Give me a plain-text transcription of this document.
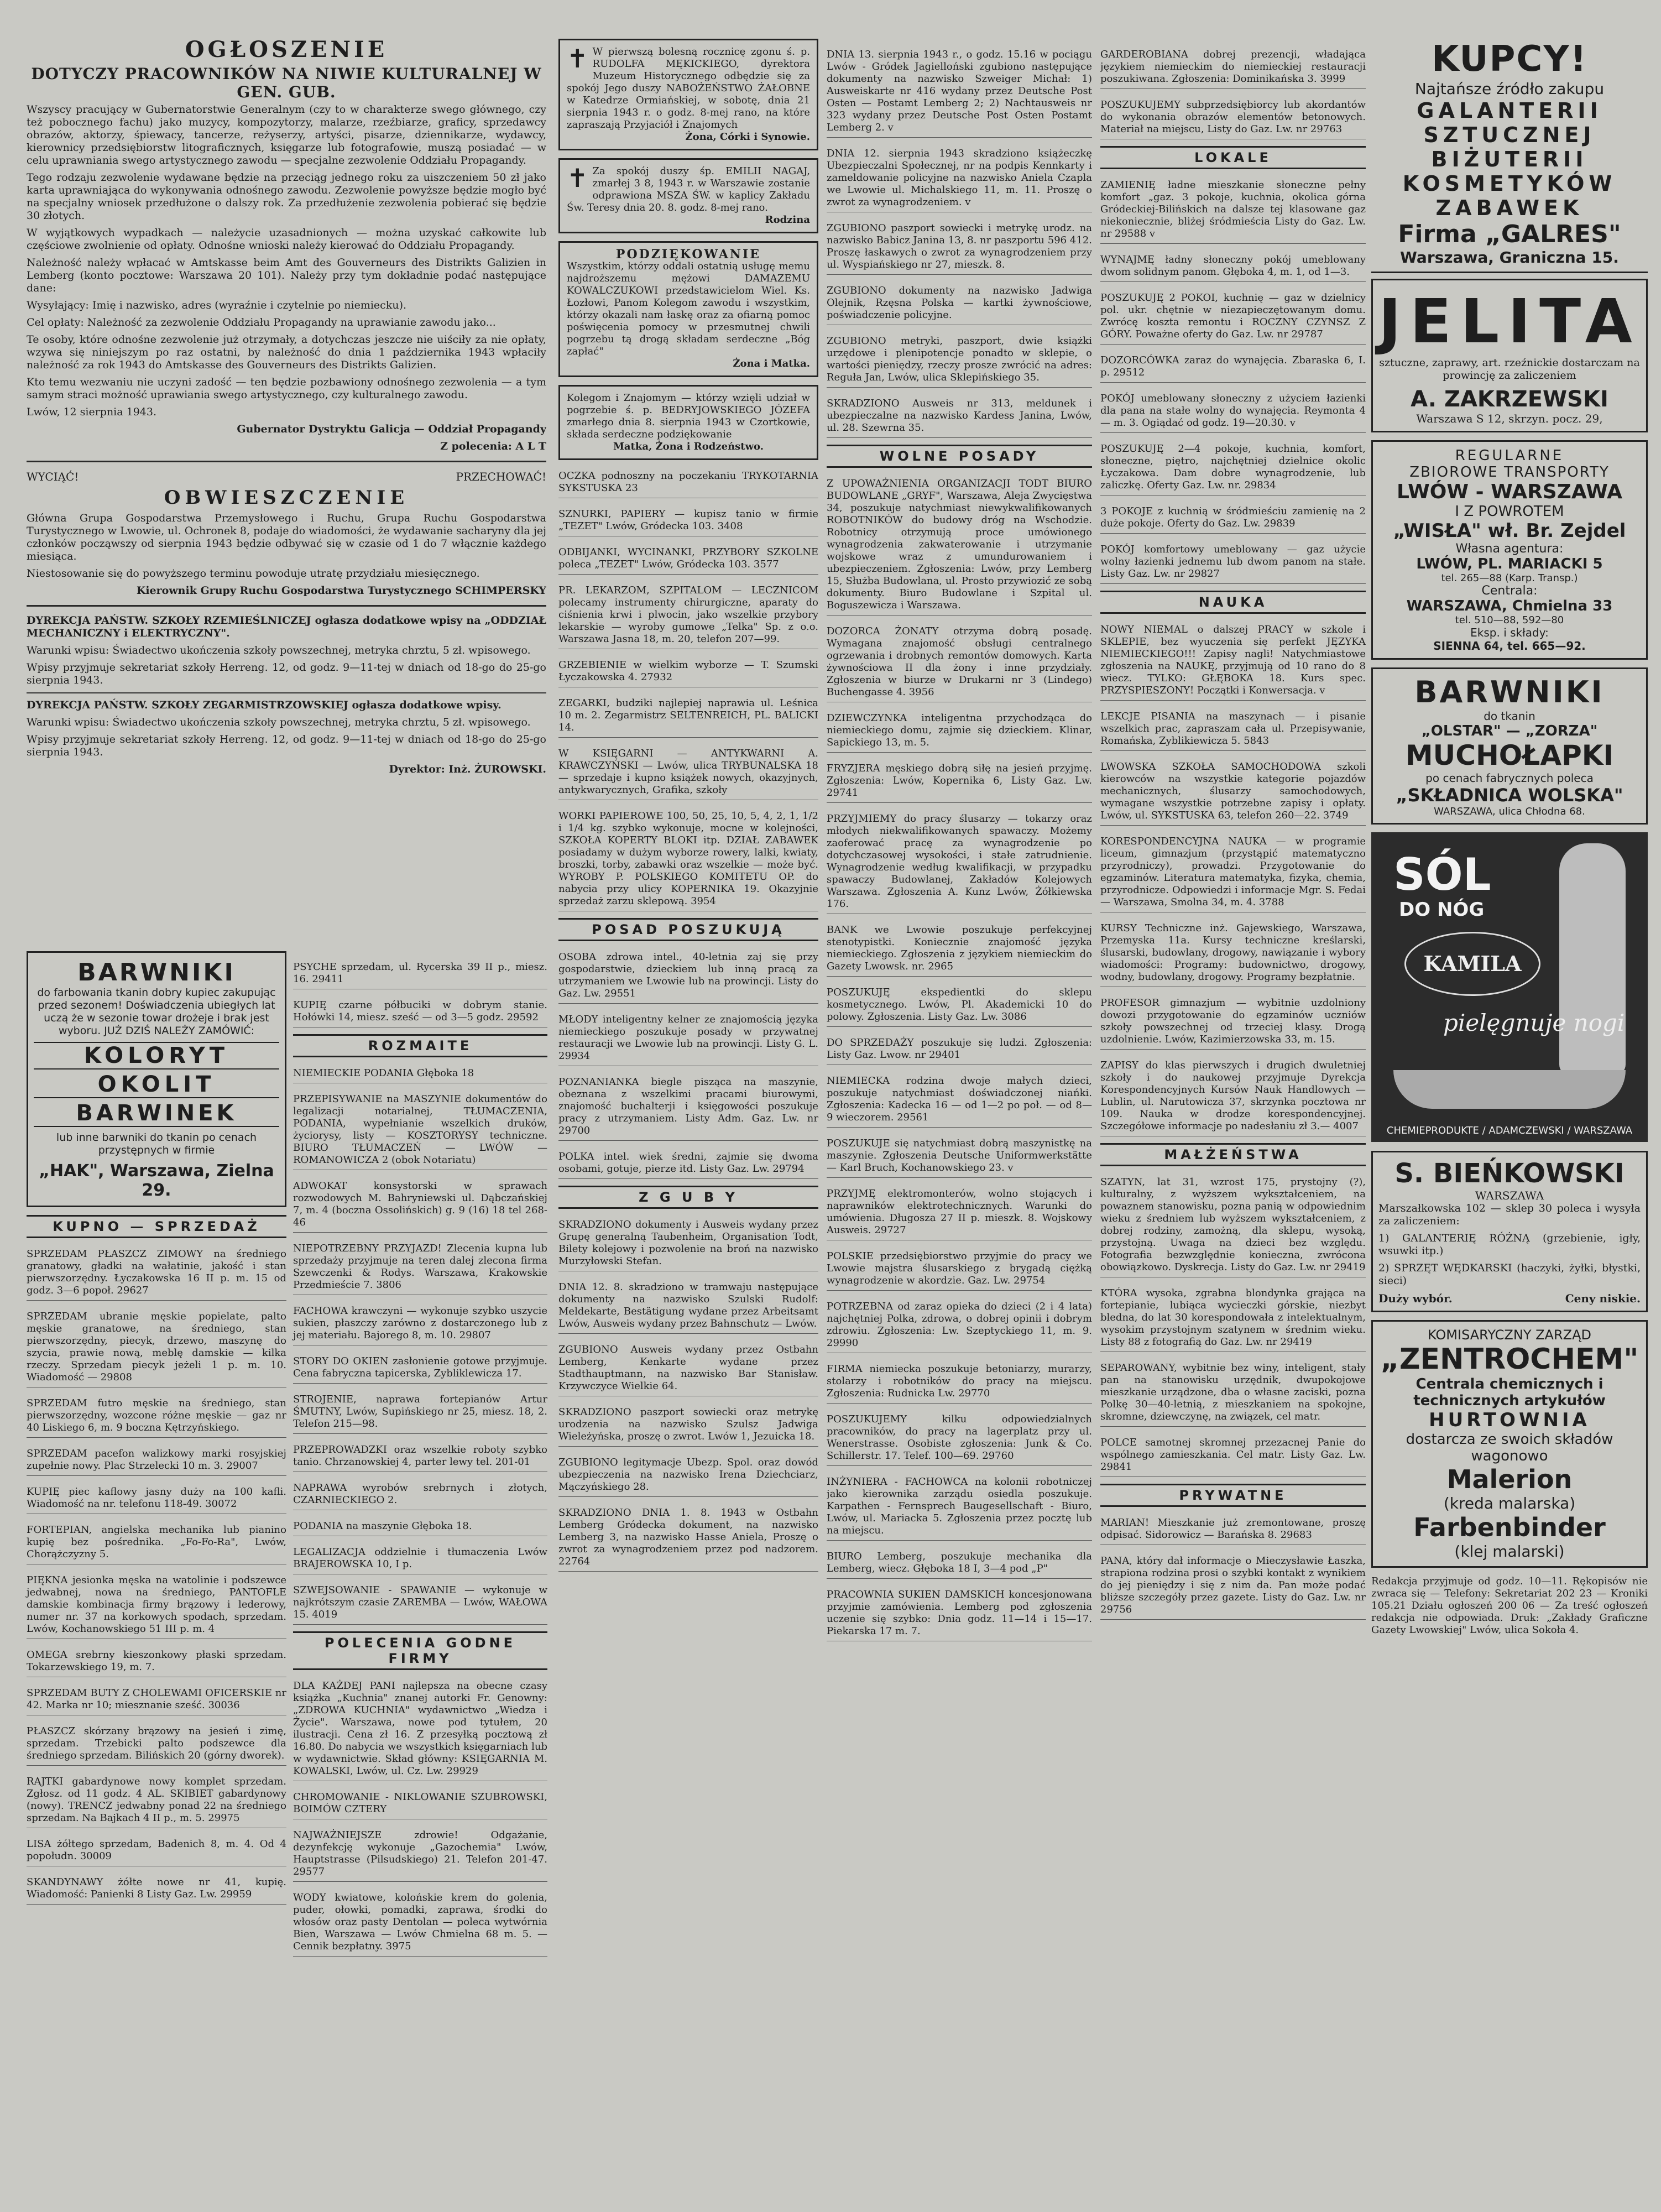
OGŁOSZENIE
DOTYCZY PRACOWNIKÓW NA NIWIE KULTURALNEJ W GEN. GUB.

Wszyscy pracujący w Gubernatorstwie Generalnym (czy to w charakterze swego głównego, czy też pobocznego fachu) jako muzycy, kompozytorzy, malarze, rzeźbiarze, graficy, sprzedawcy obrazów, aktorzy, śpiewacy, tancerze, reżyserzy, artyści, pisarze, dziennikarze, wydawcy, kierownicy przedsiębiorstw litograficznych, księgarze lub fotografowie, muszą posiadać — w celu uprawniania swego artystycznego zawodu — specjalne zezwolenie Oddziału Propagandy.

Tego rodzaju zezwolenie wydawane będzie na przeciąg jednego roku za uiszczeniem 50 zł jako karta uprawniająca do wykonywania odnośnego zawodu. Zezwolenie powyższe będzie mogło być na specjalny wniosek przedłużone o dalszy rok. Za przedłużenie zezwolenia pobierać się będzie 30 złotych.

W wyjątkowych wypadkach — należycie uzasadnionych — można uzyskać całkowite lub częściowe zwolnienie od opłaty. Odnośne wnioski należy kierować do Oddziału Propagandy.

Należność należy wpłacać w Amtskasse beim Amt des Gouverneurs des Distrikts Galizien in Lemberg (konto pocztowe: Warszawa 20 101). Należy przy tym dokładnie podać następujące dane:

Wysyłający: Imię i nazwisko, adres (wyraźnie i czytelnie po niemiecku).

Cel opłaty: Należność za zezwolenie Oddziału Propagandy na uprawianie zawodu jako...

Te osoby, które odnośne zezwolenie już otrzymały, a dotychczas jeszcze nie uiściły za nie opłaty, wzywa się niniejszym po raz ostatni, by należność do dnia 1 października 1943 wpłaciły należność za rok 1943 do Amtskasse des Gouverneurs des Distrikts Galizien.

Kto temu wezwaniu nie uczyni zadość — ten będzie pozbawiony odnośnego zezwolenia — a tym samym straci możność uprawiania swego artystycznego, czy kulturalnego zawodu.

Lwów, 12 sierpnia 1943.

Gubernator Dystryktu Galicja — Oddział Propagandy

Z polecenia: A L T

WYCIĄĆ!	PRZECHOWAĆ!
OBWIESZCZENIE

Główna Grupa Gospodarstwa Przemysłowego i Ruchu, Grupa Ruchu Gospodarstwa Turystycznego w Lwowie, ul. Ochronek 8, podaje do wiadomości, że wydawanie sacharyny dla jej członków począwszy od sierpnia 1943 będzie odbywać się w czasie od 1 do 7 włącznie każdego miesiąca.

Niestosowanie się do powyższego terminu powoduje utratę przydziału miesięcznego.

Kierownik Grupy Ruchu Gospodarstwa Turystycznego SCHIMPERSKY

DYREKCJA PAŃSTW. SZKOŁY RZEMIEŚLNICZEJ ogłasza dodatkowe wpisy na „ODDZIAŁ MECHANICZNY i ELEKTRYCZNY".

Warunki wpisu: Świadectwo ukończenia szkoły powszechnej, metryka chrztu, 5 zł. wpisowego.

Wpisy przyjmuje sekretariat szkoły Herreng. 12, od godz. 9—11-tej w dniach od 18-go do 25-go sierpnia 1943.

DYREKCJA PAŃSTW. SZKOŁY ZEGARMISTRZOWSKIEJ ogłasza dodatkowe wpisy.

Warunki wpisu: Świadectwo ukończenia szkoły powszechnej, metryka chrztu, 5 zł. wpisowego.

Wpisy przyjmuje sekretariat szkoły Herreng. 12, od godz. 9—11-tej w dniach od 18-go do 25-go sierpnia 1943.

Dyrektor: Inż. ŻUROWSKI.

BARWNIKI

do farbowania tkanin dobry kupiec zakupując przed sezonem! Doświadczenia ubiegłych lat uczą że w sezonie towar drożeje i brak jest wyboru. JUŻ DZIŚ NALEŻY ZAMÓWIĆ:

KOLORYT
OKOLIT
BARWINEK

lub inne barwniki do tkanin po cenach przystępnych w firmie

„HAK", Warszawa, Zielna 29.
KUPNO — SPRZEDAŻ

SPRZEDAM PŁASZCZ ZIMOWY na średniego granatowy, gładki na wałatinie, jakość i stan pierwszorzędny. Łyczakowska 16 II p. m. 15 od godz. 3—6 popoł. 29627

SPRZEDAM ubranie męskie popielate, palto męskie granatowe, na średniego, stan pierwszorzędny, piecyk, drzewo, maszynę do szycia, prawie nową, meblę damskie — kilka rzeczy. Sprzedam piecyk jeżeli 1 p. m. 10. Wiadomość — 29808

SPRZEDAM futro męskie na średniego, stan pierwszorzędny, wozcone różne męskie — gaz nr 40 Liskiego 6, m. 9 boczna Kętrzyńskiego.

SPRZEDAM pacefon walizkowy marki rosyjskiej zupełnie nowy. Plac Strzelecki 10 m. 3. 29007

KUPIĘ piec kaflowy jasny duży na 100 kafli. Wiadomość na nr. telefonu 118-49. 30072

FORTEPIAN, angielska mechanika lub pianino kupię bez pośrednika. „Fo-Fo-Ra", Lwów, Chorążczyzny 5.

PIĘKNA jesionka męska na watolinie i podszewce jedwabnej, nowa na średniego, PANTOFLE damskie kombinacja firmy brązowy i lederowy, numer nr. 37 na korkowych spodach, sprzedam. Lwów, Kochanowskiego 51 III p. m. 4

OMEGA srebrny kieszonkowy płaski sprzedam. Tokarzewskiego 19, m. 7.

SPRZEDAM BUTY Z CHOLEWAMI OFICERSKIE nr 42. Marka nr 10; miesznanie sześć. 30036

PŁASZCZ skórzany brązowy na jesień i zimę, sprzedam. Trzebicki palto podszewce dla średniego sprzedam. Bilińskich 20 (górny dworek).

RAJTKI gabardynowe nowy komplet sprzedam. Zgłosz. od 11 godz. 4 AL. SKIBIET gabardynowy (nowy). TRENCZ jedwabny ponad 22 na średniego sprzedam. Na Bajkach 4 II p., m. 5. 29975

LISA żółtego sprzedam, Badenich 8, m. 4. Od 4 popołudn. 30009

SKANDYNAWY żółte nowe nr 41, kupię. Wiadomość: Panienki 8 Listy Gaz. Lw. 29959

PSYCHE sprzedam, ul. Rycerska 39 II p., miesz. 16. 29411

KUPIĘ czarne półbuciki w dobrym stanie. Hołówki 14, miesz. sześć — od 3—5 godz. 29592

ROZMAITE

NIEMIECKIE PODANIA Głęboka 18

PRZEPISYWANIE na MASZYNIE dokumentów do legalizacji notarialnej, TŁUMACZENIA, PODANIA, wypełnianie wszelkich druków, życiorysy, listy — KOSZTORYSY techniczne. BIURO TŁUMACZEŃ — LWÓW — ROMANOWICZA 2 (obok Notariatu)

ADWOKAT konsystorski w sprawach rozwodowych M. Bahryniewski ul. Dąbczańskiej 7, m. 4 (boczna Ossolińskich) g. 9 (16) 18 tel 268-46

NIEPOTRZEBNY PRZYJAZD! Zlecenia kupna lub sprzedaży przyjmuje na teren dalej zlecona firma Szewczenki & Rodys. Warszawa, Krakowskie Przedmieście 7. 3806

FACHOWA krawczyni — wykonuje szybko uszycie sukien, płaszczy zarówno z dostarczonego lub z jej materiału. Bajorego 8, m. 10. 29807

STORY DO OKIEN zasłonienie gotowe przyjmuje. Cena fabryczna tapicerska, Zybliklewicza 17.

STROJENIE, naprawa fortepianów Artur ŚMUTNY, Lwów, Supińskiego nr 25, miesz. 18, 2. Telefon 215—98.

PRZEPROWADZKI oraz wszelkie roboty szybko tanio. Chrzanowskiej 4, parter lewy tel. 201-01

NAPRAWA wyrobów srebrnych i złotych, CZARNIECKIEGO 2.

PODANIA na maszynie Głęboka 18.

LEGALIZACJA oddzielnie i tłumaczenia Lwów BRAJEROWSKA 10, I p.

SZWEJSOWANIE - SPAWANIE — wykonuje w najkrótszym czasie ZAREMBA — Lwów, WAŁOWA 15. 4019

POLECENIA GODNE FIRMY

DLA KAŻDEJ PANI najlepsza na obecne czasy książka „Kuchnia" znanej autorki Fr. Genowny: „ZDROWA KUCHNIA" wydawnictwo „Wiedza i Życie". Warszawa, nowe pod tytułem, 20 ilustracji. Cena zł 16. Z przesyłką pocztową zł 16.80. Do nabycia we wszystkich księgarniach lub w wydawnictwie. Skład główny: KSIĘGARNIA M. KOWALSKI, Lwów, ul. Cz. Lw. 29929

CHROMOWANIE - NIKLOWANIE SZUBROWSKI, BOIMÓW CZTERY

NAJWAŻNIEJSZE zdrowie! Odgażanie, dezynfekcję wykonuje „Gazochemia" Lwów, Hauptstrasse (Pilsudskiego) 21. Telefon 201-47. 29577

WODY kwiatowe, kolońskie krem do golenia, puder, ołowki, pomadki, zaprawa, środki do włosów oraz pasty Dentolan — poleca wytwórnia Bien, Warszawa — Lwów Chmielna 68 m. 5. — Cennik bezpłatny. 3975

✝ W pierwszą bolesną rocznicę zgonu ś. p. RUDOLFA MĘKICKIEGO, dyrektora Muzeum Historycznego odbędzie się za spokój Jego duszy NABOŻEŃSTWO ŻAŁOBNE w Katedrze Ormiańskiej, w sobotę, dnia 21 sierpnia 1943 r. o godz. 8-mej rano, na które zapraszają Przyjaciół i Znajomych
Żona, Córki i Synowie.
✝ Za spokój duszy śp. EMILII NAGAJ, zmarłej 3 8, 1943 r. w Warszawie zostanie odprawiona MSZA ŚW. w kaplicy Zakładu Św. Teresy dnia 20. 8. godz. 8-mej rano.
Rodzina
PODZIĘKOWANIE
Wszystkim, którzy oddali ostatnią usługę memu najdroższemu mężowi DAMAZEMU KOWALCZUKOWI przedstawicielom Wiel. Ks. Łozłowi, Panom Kolegom zawodu i wszystkim, którzy okazali nam łaskę oraz za ofiarną pomoc poświęcenia pomocy w przesmutnej chwili pogrzebu tą drogą składam serdeczne „Bóg zapłać"
Żona i Matka.
Kolegom i Znajomym — którzy wzięli udział w pogrzebie ś. p. BEDRYJOWSKIEGO JÓZEFA zmarłego dnia 8. sierpnia 1943 w Czortkowie, składa serdeczne podziękowanie
Matka, Żona i Rodzeństwo.

OCZKA podnoszny na poczekaniu TRYKOTARNIA SYKSTUSKA 23

SZNURKI, PAPIERY — kupisz tanio w firmie „TEZET" Lwów, Gródecka 103. 3408

ODBIJANKI, WYCINANKI, PRZYBORY SZKOLNE poleca „TEZET" Lwów, Gródecka 103. 3577

PR. LEKARZOM, SZPITALOM — LECZNICOM polecamy instrumenty chirurgiczne, aparaty do ciśnienia krwi i plwocin, jako wszelkie przybory lekarskie — wyroby gumowe „Telka" Sp. z o.o. Warszawa Jasna 18, m. 20, telefon 207—99.

GRZEBIENIE w wielkim wyborze — T. Szumski Łyczakowska 4. 27932

ZEGARKI, budziki najlepiej naprawia ul. Leśnica 10 m. 2. Zegarmistrz SELTENREICH, PL. BALICKI 14.

W KSIĘGARNI — ANTYKWARNI A. KRAWCZYŃSKI — Lwów, ulica TRYBUNALSKA 18 — sprzedaje i kupno książek nowych, okazyjnych, antykwarycznych, Grafika, szkoły

WORKI PAPIEROWE 100, 50, 25, 10, 5, 4, 2, 1, 1/2 i 1/4 kg. szybko wykonuje, mocne w kolejności, SZKOŁA KOPERTY BLOKI itp. DZIAŁ ZABAWEK posiadamy w dużym wyborze rowery, lalki, kwiaty, broszki, torby, zabawki oraz wszelkie — może być. WYROBY P. POLSKIEGO KOMITETU OP. do nabycia przy ulicy KOPERNIKA 19. Okazyjnie sprzedaż zarzu sklepową. 3954

POSAD POSZUKUJĄ

OSOBA zdrowa intel., 40-letnia zaj się przy gospodarstwie, dzieckiem lub inną pracą za utrzymaniem we Lwowie lub na prowincji. Listy do Gaz. Lw. 29551

MŁODY inteligentny kelner ze znajomością języka niemieckiego poszukuje posady w przywatnej restauracji we Lwowie lub na prowincji. Listy G. L. 29934

POZNANIANKA biegle pisząca na maszynie, obeznana z wszelkimi pracami biurowymi, znajomość buchalterji i księgowości poszukuje pracy z utrzymaniem. Listy Adm. Gaz. Lw. nr 29700

POLKA intel. wiek średni, zajmie się dwoma osobami, gotuje, pierze itd. Listy Gaz. Lw. 29794

Z G U B Y

SKRADZIONO dokumenty i Ausweis wydany przez Grupę generalną Taubenheim, Organisation Todt, Bilety kolejowy i pozwolenie na broń na nazwisko Murzyłowski Stefan.

DNIA 12. 8. skradziono w tramwaju następujące dokumenty na nazwisko Szulski Rudolf: Meldekarte, Bestätigung wydane przez Arbeitsamt Lwów, Ausweis wydany przez Bahnschutz — Lwów.

ZGUBIONO Ausweis wydany przez Ostbahn Lemberg, Kenkarte wydane przez Stadthauptmann, na nazwisko Bar Stanisław. Krzywczyce Wielkie 64.

SKRADZIONO paszport sowiecki oraz metrykę urodzenia na nazwisko Szulsz Jadwiga Wieleżyńska, proszę o zwrot. Lwów 1, Jezuicka 18.

ZGUBIONO legitymacje Ubezp. Spol. oraz dowód ubezpieczenia na nazwisko Irena Dziechciarz, Mączyńskiego 28.

SKRADZIONO DNIA 1. 8. 1943 w Ostbahn Lemberg Gródecka dokument, na nazwisko Lemberg 3, na nazwisko Hasse Aniela, Proszę o zwrot za wynagrodzeniem przez pod nadzorem. 22764

DNIA 13. sierpnia 1943 r., o godz. 15.16 w pociągu Lwów - Gródek Jagielloński zgubiono następujące dokumenty na nazwisko Szweiger Michał: 1) Ausweiskarte nr 416 wydany przez Deutsche Post Osten — Postamt Lemberg 2; 2) Nachtausweis nr 323 wydany przez Deutsche Post Osten Postamt Lemberg 2. v

DNIA 12. sierpnia 1943 skradziono książeczkę Ubezpieczalni Społecznej, nr na podpis Kennkarty i zameldowanie policyjne na nazwisko Aniela Czapla we Lwowie ul. Michalskiego 11, m. 11. Proszę o zwrot za wynagrodzeniem. v

ZGUBIONO paszport sowiecki i metrykę urodz. na nazwisko Babicz Janina 13, 8. nr paszportu 596 412. Proszę łaskawych o zwrot za wynagrodzeniem przy ul. Wyspiańskiego nr 27, mieszk. 8.

ZGUBIONO dokumenty na nazwisko Jadwiga Olejnik, Rzęsna Polska — kartki żywnościowe, poświadczenie policyjne.

ZGUBIONO metryki, paszport, dwie książki urzędowe i plenipotencje ponadto w sklepie, o wartości pieniędzy, rzeczy prosze zwrócić na adres: Reguła Jan, Lwów, ulica Sklepińskiego 35.

SKRADZIONO Ausweis nr 313, meldunek i ubezpieczalne na nazwisko Kardess Janina, Lwów, ul. 28. Szewrna 35.

WOLNE POSADY

Z UPOWAŻNIENIA ORGANIZACJI TODT BIURO BUDOWLANE „GRYF", Warszawa, Aleja Zwycięstwa 34, poszukuje natychmiast niewykwalifikowanych ROBOTNIKÓW do budowy dróg na Wschodzie. Robotnicy otrzymują proce umówionego wynagrodzenia zakwaterowanie i utrzymanie wojskowe wraz z umundurowaniem i ubezpieczeniem. Zgłoszenia: Lwów, przy Lemberg 15, Służba Budowlana, ul. Prosto przywiozić ze sobą dokumenty. Biuro Budowlane i Szpital ul. Boguszewicza i Warszawa.

DOZORCA ŻONATY otrzyma dobrą posadę. Wymagana znajomość obsługi centralnego ogrzewania i drobnych remontów domowych. Karta żywnościowa II dla żony i inne przydziały. Zgłoszenia w biurze w Drukarni nr 3 (Lindego) Buchengasse 4. 3956

DZIEWCZYNKA inteligentna przychodząca do niemieckiego domu, zajmie się dzieckiem. Klinar, Sapickiego 13, m. 5.

FRYZJERA męskiego dobrą siłę na jesień przyjmę. Zgłoszenia: Lwów, Kopernika 6, Listy Gaz. Lw. 29741

PRZYJMIEMY do pracy ślusarzy — tokarzy oraz młodych niekwalifikowanych spawaczy. Możemy zaoferować pracę za wynagrodzenie po dotychczasowej wysokości, i stałe zatrudnienie. Wynagrodzenie według kwalifikacji, w przypadku spawaczy Budowlanej, Zakładów Kolejowych Warszawa. Zgłoszenia A. Kunz Lwów, Żółkiewska 176.

BANK we Lwowie poszukuje perfekcyjnej stenotypistki. Koniecznie znajomość języka niemieckiego. Zgłoszenia z językiem niemieckim do Gazety Lwowsk. nr. 2965

POSZUKUJĘ ekspedientki do sklepu kosmetycznego. Lwów, Pl. Akademicki 10 do polowy. Zgłoszenia. Listy Gaz. Lw. 3086

DO SPRZEDAŻY poszukuje się ludzi. Zgłoszenia: Listy Gaz. Lwow. nr 29401

NIEMIECKA rodzina dwoje małych dzieci, poszukuje natychmiast doświadczonej niańki. Zgłoszenia: Kadecka 16 — od 1—2 po poł. — od 8—9 wieczorem. 29561

POSZUKUJE się natychmiast dobrą maszynistkę na maszynie. Zgłoszenia Deutsche Uniformwerkstätte — Karl Bruch, Kochanowskiego 23. v

PRZYJMĘ elektromonterów, wolno stojących i naprawników elektrotechnicznych. Warunki do umówienia. Długosza 27 II p. mieszk. 8. Wojskowy Ausweis. 29727

POLSKIE przedsiębiorstwo przyjmie do pracy we Lwowie majstra ślusarskiego z brygadą ciężką wynagrodzenie w akordzie. Gaz. Lw. 29754

POTRZEBNA od zaraz opieka do dzieci (2 i 4 lata) najchętniej Polka, zdrowa, o dobrej opinii i dobrym zdrowiu. Zgłoszenia: Lw. Szeptyckiego 11, m. 9. 29990

FIRMA niemiecka poszukuje betoniarzy, murarzy, stolarzy i robotników do pracy na miejscu. Zgłoszenia: Rudnicka Lw. 29770

POSZUKUJEMY kilku odpowiedzialnych pracowników, do pracy na lagerplatz przy ul. Wenerstrasse. Osobiste zgłoszenia: Junk & Co. Schillerstr. 17. Telef. 100—69. 29760

INŻYNIERA - FACHOWCA na kolonii robotniczej jako kierownika zarządu osiedla poszukuje. Karpathen - Fernsprech Baugesellschaft - Biuro, Lwów, ul. Mariacka 5. Zgłoszenia przez pocztę lub na miejscu.

BIURO Lemberg, poszukuje mechanika dla Lemberg, wiecz. Głęboka 18 I, 3—4 pod „P"

PRACOWNIA SUKIEN DAMSKICH koncesjonowana przyjmie zamówienia. Lemberg pod zgłoszenia uczenie się szybko: Dnia godz. 11—14 i 15—17. Piekarska 17 m. 7.

GARDEROBIANA dobrej prezencji, władająca językiem niemieckim do niemieckiej restauracji poszukiwana. Zgłoszenia: Dominikańska 3. 3999

POSZUKUJEMY subprzedsiębiorcy lub akordantów do wykonania obrazów elementów betonowych. Materiał na miejscu, Listy do Gaz. Lw. nr 29763

LOKALE

ZAMIENIĘ ładne mieszkanie słoneczne pełny komfort „gaz. 3 pokoje, kuchnia, okolica górna Gródeckiej-Bilińskich na dalsze tej klasowane gaz niekoniecznie, bliżej śródmieścia Listy do Gaz. Lw. nr 29588 v

WYNAJMĘ ładny słoneczny pokój umeblowany dwom solidnym panom. Głęboka 4, m. 1, od 1—3.

POSZUKUJĘ 2 POKOI, kuchnię — gaz w dzielnicy pol. ukr. chętnie w niezapieczętowanym domu. Zwrócę koszta remontu i ROCZNY CZYNSZ Z GÓRY. Poważne oferty do Gaz. Lw. nr 29787

DOZORCÓWKA zaraz do wynajęcia. Zbaraska 6, I. p. 29512

POKÓJ umeblowany słoneczny z użyciem łazienki dla pana na stałe wolny do wynajęcia. Reymonta 4 — m. 3. Ogiądać od godz. 19—20.30. v

POSZUKUJĘ 2—4 pokoje, kuchnia, komfort, słoneczne, piętro, najchętniej dzielnice okolic Łyczakowa. Dam dobre wynagrodzenie, lub zaliczkę. Oferty Gaz. Lw. nr. 29834

3 POKOJE z kuchnią w śródmieściu zamienię na 2 duże pokoje. Oferty do Gaz. Lw. 29839

POKÓJ komfortowy umeblowany — gaz użycie wolny łazienki jednemu lub dwom panom na stałe. Listy Gaz. Lw. nr 29827

NAUKA

NOWY NIEMAL o dalszej PRACY w szkole i SKLEPIE, bez wyuczenia się perfekt JĘZYKA NIEMIECKIEGO!!! Zapisy nagli! Natychmiastowe zgłoszenia na NAUKĘ, przyjmują od 10 rano do 8 wiecz. TYLKO: GŁĘBOKA 18. Kurs spec. PRZYSPIESZONY! Początki i Konwersacja. v

LEKCJE PISANIA na maszynach — i pisanie wszelkich prac, zapraszam cała ul. Przepisywanie, Romańska, Zyblikiewicza 5. 5843

LWOWSKA SZKOŁA SAMOCHODOWA szkoli kierowców na wszystkie kategorie pojazdów mechanicznych, ślusarzy samochodowych, wymagane wszystkie potrzebne zapisy i opłaty. Lwów, ul. SYKSTUSKA 63, telefon 260—22. 3749

KORESPONDENCYJNA NAUKA — w programie liceum, gimnazjum (przystąpić matematyczno przyrodniczy), prowadzi. Przygotowanie do egzaminów. Literatura matematyka, fizyka, chemia, przyrodnicze. Odpowiedzi i informacje Mgr. S. Fedai — Warszawa, Smolna 34, m. 4. 3788

KURSY Techniczne inż. Gajewskiego, Warszawa, Przemyska 11a. Kursy techniczne kreślarski, ślusarski, budowlany, drogowy, nawiązanie i wybory wiadomości: Programy: budownictwo, drogowy, wodny, budowlany, drogowy. Programy bezpłatnie.

PROFESOR gimnazjum — wybitnie uzdolniony dowozi przygotowanie do egzaminów uczniów szkoły powszechnej od trzeciej klasy. Drogą uzdolnienie. Lwów, Kazimierzowska 33, m. 15.

ZAPISY do klas pierwszych i drugich dwuletniej szkoły i do naukowej przyjmuje Dyrekcja Korespondencyjnych Kursów Nauk Handlowych — Lublin, ul. Narutowicza 37, skrzynka pocztowa nr 109. Nauka w drodze korespondencyjnej. Szczegółowe informacje po nadesłaniu zł 3.— 4007

MAŁŻEŃSTWA

SZATYN, lat 31, wzrost 175, prystojny (?), kulturalny, z wyższem wykształceniem, na powaznem stanowisku, pozna panią w odpowiednim wieku z średniem lub wyższem wykształceniem, z dobrej rodziny, zamożną, dla sklepu, wysoką, przystojną. Uwaga na dzieci bez względu. Fotografia bezwzględnie konieczna, zwrócona obowiązkowo. Dyskrecja. Listy do Gaz. Lw. nr 29419

KTÓRA wysoka, zgrabna blondynka grająca na fortepianie, lubiąca wycieczki górskie, niezbyt bledna, do lat 30 korespondowała z intelektualnym, wysokim przystojnym szatynem w średnim wieku. Listy 88 z fotografią do Gaz. Lw. nr 29419

SEPAROWANY, wybitnie bez winy, inteligent, stały pan na stanowisku urzędnik, dwupokojowe mieszkanie urządzone, dba o własne zaciski, pozna Polkę 30—40-letnią, z mieszkaniem na spokojne, skromne, dziewczynę, na związek, cel matr.

POLCE samotnej skromnej przezacnej Panie do wspólnego zamieszkania. Cel matr. Listy Gaz. Lw. 29841

PRYWATNE

MARIAN! Mieszkanie już zremontowane, proszę odpisać. Sidorowicz — Barańska 8. 29683

PANA, który dał informacje o Mieczysławie Łaszka, strapiona rodzina prosi o szybki kontakt z wynikiem do jej pieniędzy i się z nim da. Pan może podać bliższe szczegóły przez gazete. Listy do Gaz. Lw. nr 29756

KUPCY!
Najtańsze źródło zakupu
GALANTERII
SZTUCZNEJ
BIŻUTERII
KOSMETYKÓW
ZABAWEK
Firma „GALRES"
Warszawa, Graniczna 15.
JELITA

sztuczne, zaprawy, art. rzeźnickie dostarczam na prowincję za zaliczeniem

A. ZAKRZEWSKI
Warszawa S 12, skrzyn. pocz. 29,
REGULARNE
ZBIOROWE TRANSPORTY
LWÓW - WARSZAWA
I Z POWROTEM
„WISŁA" wł. Br. Zejdel
Własna agentura:
LWÓW, PL. MARIACKI 5
tel. 265—88 (Karp. Transp.)
Centrala:
WARSZAWA, Chmielna 33
tel. 510—88, 592—80
Eksp. i składy:
SIENNA 64, tel. 665—92.
BARWNIKI
do tkanin
„OLSTAR" — „ZORZA"
MUCHOŁAPKI
po cenach fabrycznych poleca
„SKŁADNICA WOLSKA"
WARSZAWA, ulica Chłodna 68.
SÓL
DO NÓG
KAMILA
pielęgnuje nogi
CHEMIEPRODUKTE / ADAMCZEWSKI / WARSZAWA
S. BIEŃKOWSKI
WARSZAWA

Marszałkowska 102 — sklep 30 poleca i wysyła za zaliczeniem:

1) GALANTERIĘ RÓŻNĄ (grzebienie, igły, wsuwki itp.)

2) SPRZĘT WĘDKARSKI (haczyki, żyłki, błystki, sieci)

Duży wybór.	Ceny niskie.
KOMISARYCZNY ZARZĄD
„ZENTROCHEM"
Centrala chemicznych i technicznych artykułów
HURTOWNIA
dostarcza ze swoich składów wagonowo
Malerion
(kreda malarska)
Farbenbinder
(klej malarski)

Redakcja przyjmuje od godz. 10—11. Rękopisów nie zwraca się — Telefony: Sekretariat 202 23 — Kroniki 105.21 Działu ogłoszeń 200 06 — Za treść ogłoszeń redakcja nie odpowiada. Druk: „Zakłady Graficzne Gazety Lwowskiej" Lwów, ulica Sokoła 4.
